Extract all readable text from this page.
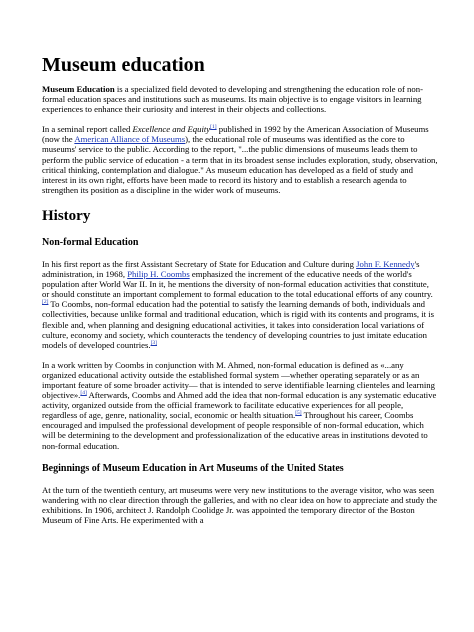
Museum education

Museum Education is a specialized field devoted to developing and strengthening the education role of non-formal education spaces and institutions such as museums. Its main objective is to engage visitors in learning experiences to enhance their curiosity and interest in their objects and collections.

In a seminal report called Excellence and Equity[1] published in 1992 by the American Association of Museums (now the American Alliance of Museums), the educational role of museums was identified as the core to museums' service to the public. According to the report, "...the public dimensions of museums leads them to perform the public service of education - a term that in its broadest sense includes exploration, study, observation, critical thinking, contemplation and dialogue." As museum education has developed as a field of study and interest in its own right, efforts have been made to record its history and to establish a research agenda to strengthen its position as a discipline in the wider work of museums.

History
Non-formal Education

In his first report as the first Assistant Secretary of State for Education and Culture during John F. Kennedy's administration, in 1968, Philip H. Coombs emphasized the increment of the educative needs of the world's population after World War II. In it, he mentions the diversity of non-formal education activities that constitute, or should constitute an important complement to formal education to the total educational efforts of any country.[2] To Coombs, non-formal education had the potential to satisfy the learning demands of both, individuals and collectivities, because unlike formal and traditional education, which is rigid with its contents and programs, it is flexible and, when planning and designing educational activities, it takes into consideration local variations of culture, economy and society, which counteracts the tendency of developing countries to just imitate education models of developed countries.[3]

In a work written by Coombs in conjunction with M. Ahmed, non-formal education is defined as «...any organized educational activity outside the established formal system —whether operating separately or as an important feature of some broader activity— that is intended to serve identifiable learning clienteles and learning objective».[4] Afterwards, Coombs and Ahmed add the idea that non-formal education is any systematic educative activity, organized outside from the official framework to facilitate educative experiences for all people, regardless of age, genre, nationality, social, economic or health situation.[5] Throughout his career, Coombs encouraged and impulsed the professional development of people responsible of non-formal education, which will be determining to the development and professionalization of the educative areas in institutions devoted to non-formal education.

Beginnings of Museum Education in Art Museums of the United States

At the turn of the twentieth century, art museums were very new institutions to the average visitor, who was seen wandering with no clear direction through the galleries, and with no clear idea on how to appreciate and study the exhibitions. In 1906, architect J. Randolph Coolidge Jr. was appointed the temporary director of the Boston Museum of Fine Arts. He experimented with a
